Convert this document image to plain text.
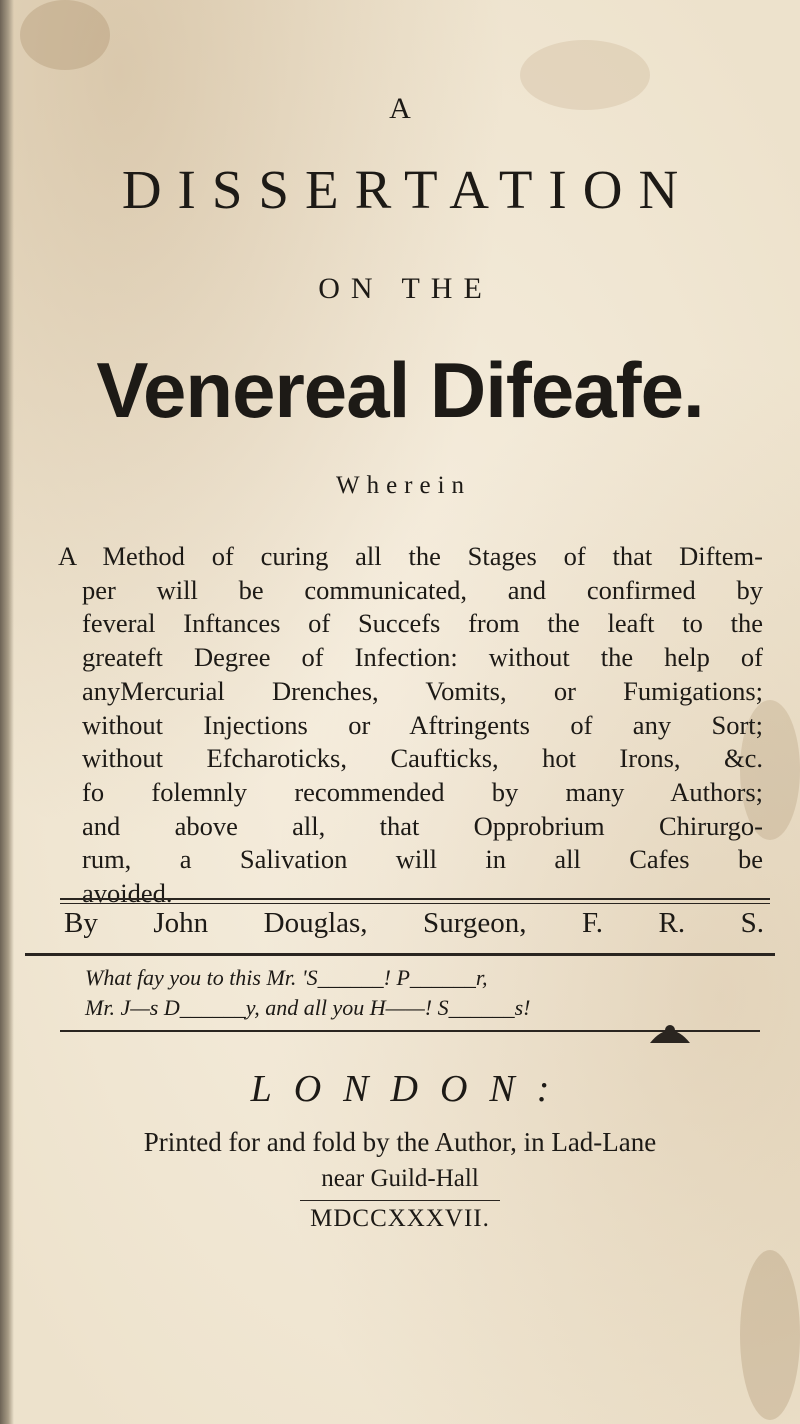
A
DISSERTATION
ON THE
Venereal Difeafe.
Wherein
A Method of curing all the Stages of that Diftem-
per will be communicated, and confirmed by
feveral Inftances of Succefs from the leaft to the
greateft Degree of Infection: without the help of
anyMercurial Drenches, Vomits, or Fumigations;
without Injections or Aftringents of any Sort;
without Efcharoticks, Caufticks, hot Irons, &c.
fo folemnly recommended by many Authors;
and above all, that Opprobrium Chirurgo-
rum, a Salivation will in all Cafes be
avoided.
By John Douglas, Surgeon, F. R. S.
What fay you to this Mr. 'S______! P______r,
Mr. J—s D______y, and all you H——! S______s!
LONDON:
Printed for and fold by the Author, in Lad-Lane
near Guild-Hall
MDCCXXXVII.
